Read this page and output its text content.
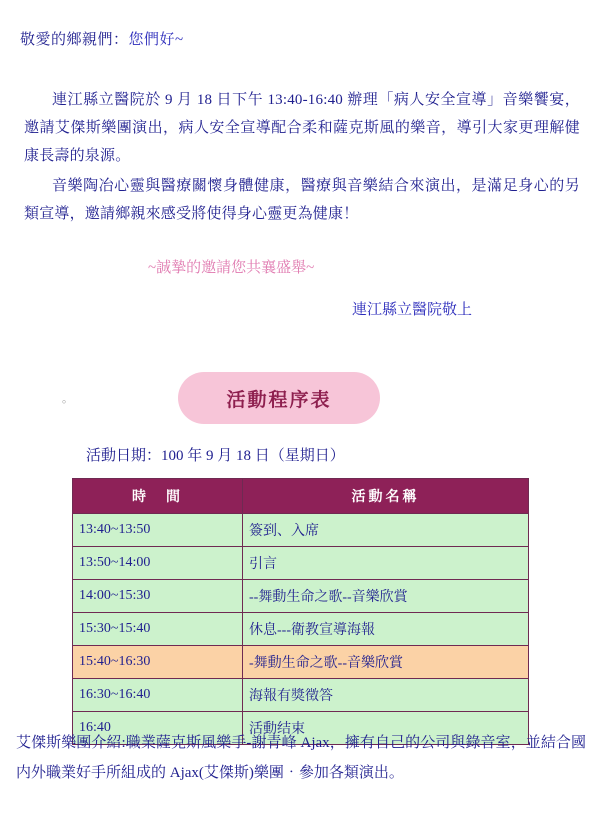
敬愛的鄉親們：您們好~
連江縣立醫院於 9 月 18 日下午 13:40-16:40 辦理「病人安全宣導」音樂饗宴，邀請艾傑斯樂團演出，病人安全宣導配合柔和薩克斯風的樂音，導引大家更理解健康長壽的泉源。
音樂陶冶心靈與醫療關懷身體健康，醫療與音樂結合來演出，是滿足身心的另類宣導，邀請鄉親來感受將使得身心靈更為健康！
~誠摯的邀請您共襄盛舉~
連江縣立醫院敬上
。	活動程序表
活動日期：100 年 9 月 18 日（星期日）
時　間	活動名稱
13:40~13:50	簽到、入席
13:50~14:00	引言
14:00~15:30	--舞動生命之歌--音樂欣賞
15:30~15:40	休息---衛教宣導海報
15:40~16:30	-舞動生命之歌--音樂欣賞
16:30~16:40	海報有獎徵答
16:40	活動结束
艾傑斯樂團介紹:職業薩克斯風樂手-謝青峰 Ajax，擁有自己的公司與錄音室，並結合國内外職業好手所組成的 Ajax(艾傑斯)樂團‧參加各類演出。
